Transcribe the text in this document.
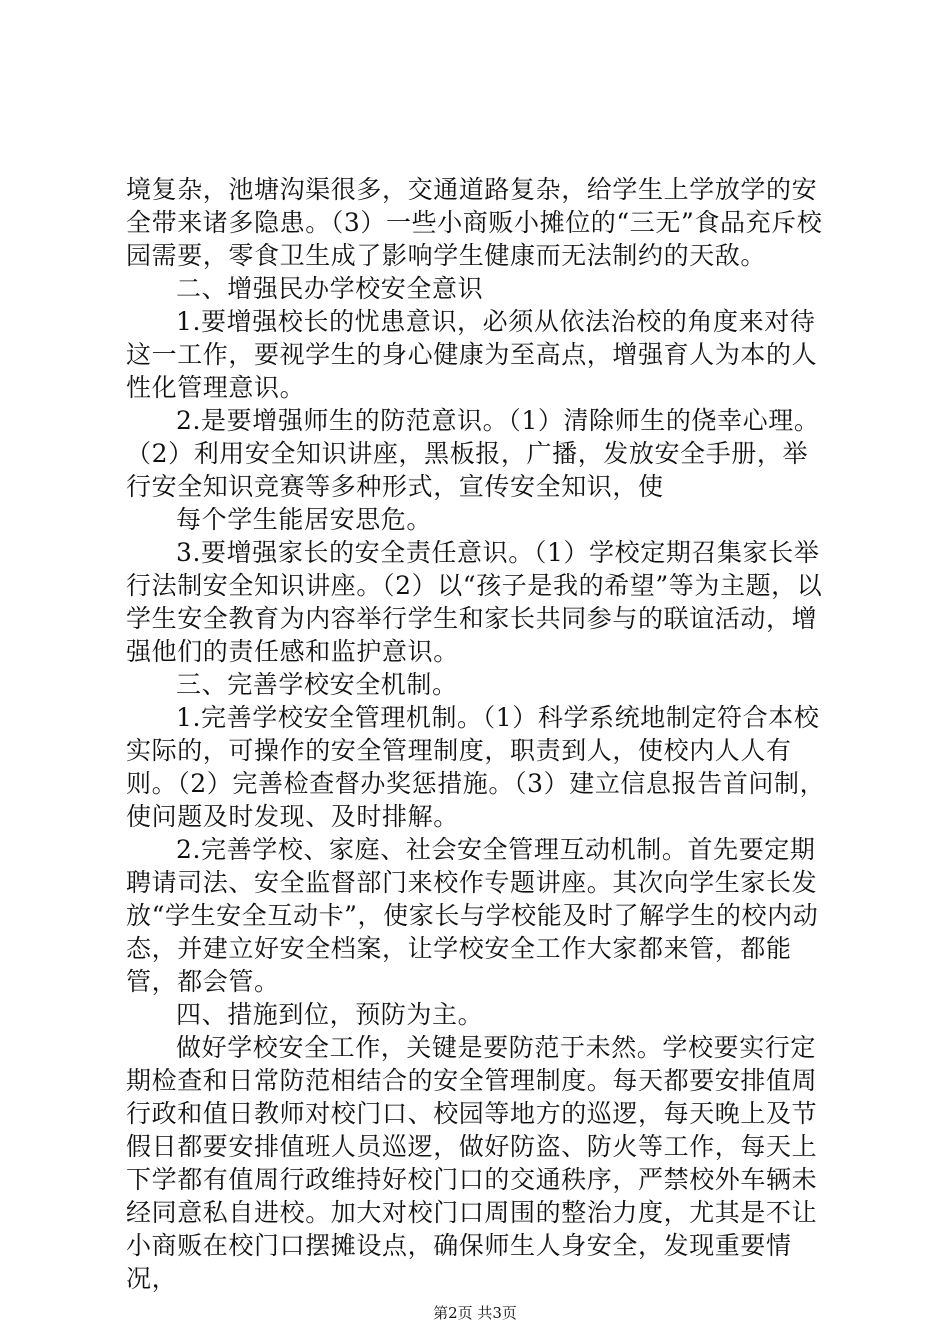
境复杂，池塘沟渠很多，交通道路复杂，给学生上学放学的安全带来诸多隐患。（3）一些小商贩小摊位的“三无”食品充斥校园需要，零食卫生成了影响学生健康而无法制约的天敌。

二、增强民办学校安全意识

1.要增强校长的忧患意识，必须从依法治校的角度来对待这一工作，要视学生的身心健康为至高点，增强育人为本的人性化管理意识。

2.是要增强师生的防范意识。（1）清除师生的侥幸心理。（2）利用安全知识讲座，黑板报，广播，发放安全手册，举行安全知识竞赛等多种形式，宣传安全知识，使

每个学生能居安思危。

3.要增强家长的安全责任意识。（1）学校定期召集家长举行法制安全知识讲座。（2）以“孩子是我的希望”等为主题，以学生安全教育为内容举行学生和家长共同参与的联谊活动，增强他们的责任感和监护意识。

三、完善学校安全机制。

1.完善学校安全管理机制。（1）科学系统地制定符合本校实际的，可操作的安全管理制度，职责到人，使校内人人有则。（2）完善检查督办奖惩措施。（3）建立信息报告首问制，使问题及时发现、及时排解。

2.完善学校、家庭、社会安全管理互动机制。首先要定期聘请司法、安全监督部门来校作专题讲座。其次向学生家长发放“学生安全互动卡”，使家长与学校能及时了解学生的校内动态，并建立好安全档案，让学校安全工作大家都来管，都能管，都会管。

四、措施到位，预防为主。

做好学校安全工作，关键是要防范于未然。学校要实行定期检查和日常防范相结合的安全管理制度。每天都要安排值周行政和值日教师对校门口、校园等地方的巡逻，每天晚上及节假日都要安排值班人员巡逻，做好防盗、防火等工作，每天上下学都有值周行政维持好校门口的交通秩序，严禁校外车辆未经同意私自进校。加大对校门口周围的整治力度，尤其是不让小商贩在校门口摆摊设点，确保师生人身安全，发现重要情况，

第2页 共3页
